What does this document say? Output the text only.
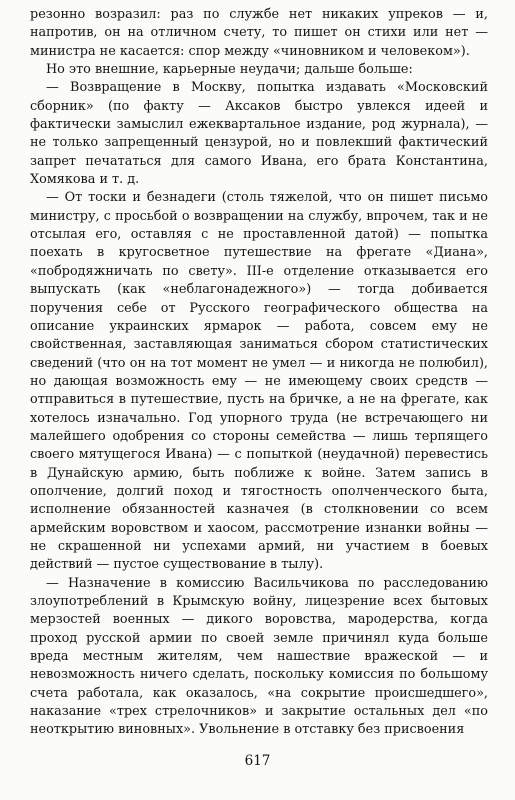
резонно возразил: раз по службе нет никаких упреков — и, напротив, он на отличном счету, то пишет он стихи или нет — министра не касается: спор между «чиновником и человеком»).

Но это внешние, карьерные неудачи; дальше больше:

— Возвращение в Москву, попытка издавать «Московский сборник» (по факту — Аксаков быстро увлекся идеей и фактически замыслил ежеквартальное издание, род журнала), — не только запрещенный цензурой, но и повлекший фактический запрет печататься для самого Ивана, его брата Константина, Хомякова и т. д.

— От тоски и безнадеги (столь тяжелой, что он пишет письмо министру, с просьбой о возвращении на службу, впрочем, так и не отсылая его, оставляя с не проставленной датой) — попытка поехать в кругосветное путешествие на фрегате «Диана», «побродяжничать по свету». III-е отделение отказывается его выпускать (как «неблагонадежного») — тогда добивается поручения себе от Русского географического общества на описание украинских ярмарок — работа, совсем ему не свойственная, заставляющая заниматься сбором статистических сведений (что он на тот момент не умел — и никогда не полюбил), но дающая возможность ему — не имеющему своих средств — отправиться в путешествие, пусть на бричке, а не на фрегате, как хотелось изначально. Год упорного труда (не встречающего ни малейшего одобрения со стороны семейства — лишь терпящего своего мятущегося Ивана) — с попыткой (неудачной) перевестись в Дунайскую армию, быть поближе к войне. Затем запись в ополчение, долгий поход и тягостность ополченческого быта, исполнение обязанностей казначея (в столкновении со всем армейским воровством и хаосом, рассмотрение изнанки войны — не скрашенной ни успехами армий, ни участием в боевых действий — пустое существование в тылу).

— Назначение в комиссию Васильчикова по расследованию злоупотреблений в Крымскую войну, лицезрение всех бытовых мерзостей военных — дикого воровства, мародерства, когда проход русской армии по своей земле причинял куда больше вреда местным жителям, чем нашествие вражеской — и невозможность ничего сделать, поскольку комиссия по большому счета работала, как оказалось, «на сокрытие происшедшего», наказание «трех стрелочников» и закрытие остальных дел «по неоткрытию виновных». Увольнение в отставку без присвоения

617
